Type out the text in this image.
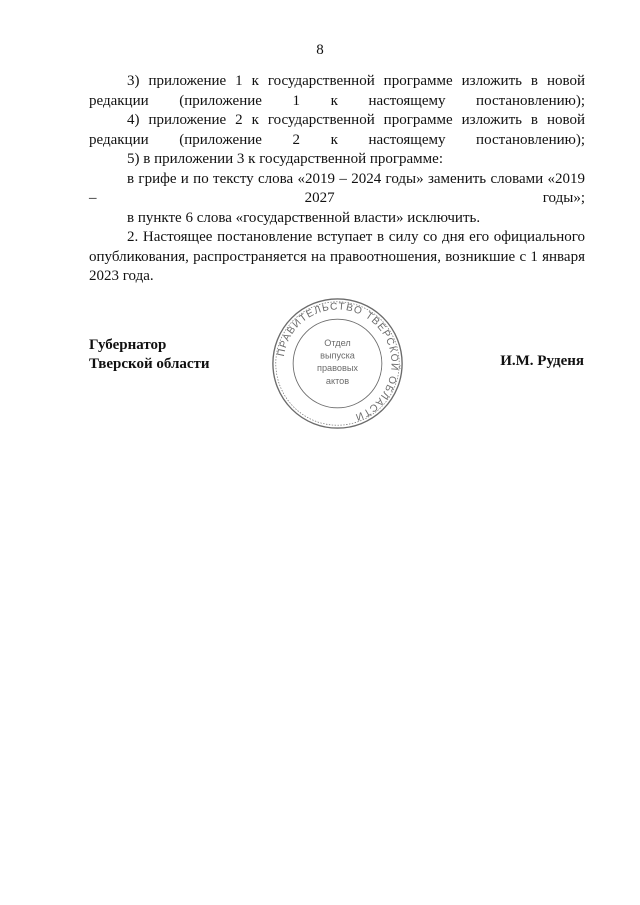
8

3) приложение 1 к государственной программе изложить в новой редакции (приложение 1 к настоящему постановлению);

4) приложение 2 к государственной программе изложить в новой редакции (приложение 2 к настоящему постановлению);

5) в приложении 3 к государственной программе:

в грифе и по тексту слова «2019 – 2024 годы» заменить словами «2019 – 2027 годы»;

в пункте 6 слова «государственной власти» исключить.

2. Настоящее постановление вступает в силу со дня его официального опубликования, распространяется на правоотношения, возникшие с 1 января 2023 года.

Губернатор
Тверской области
ПРАВИТЕЛЬСТВО ТВЕРСКОЙ ОБЛАСТИ
Отдел
выпуска
правовых
актов
И.М. Руденя
